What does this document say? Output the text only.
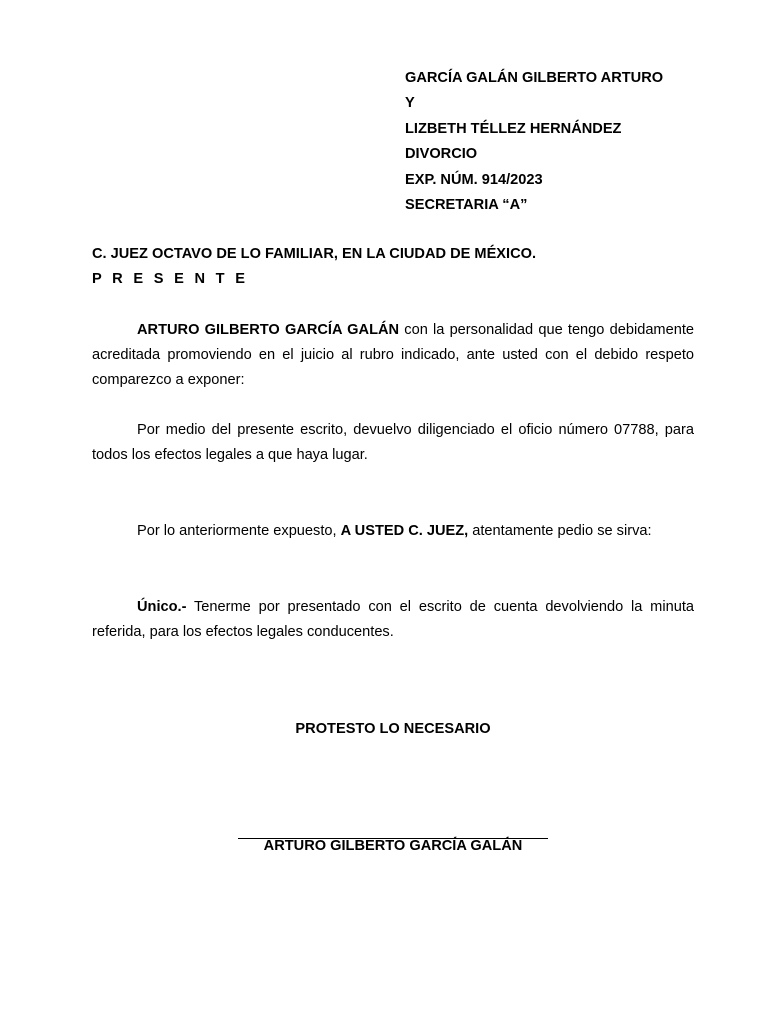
GARCÍA GALÁN GILBERTO ARTURO
Y
LIZBETH TÉLLEZ HERNÁNDEZ
DIVORCIO
EXP. NÚM. 914/2023
SECRETARIA “A”
C. JUEZ OCTAVO DE LO FAMILIAR, EN LA CIUDAD DE MÉXICO.
P R E S E N T E

ARTURO GILBERTO GARCÍA GALÁN con la personalidad que tengo debidamente acreditada promoviendo en el juicio al rubro indicado, ante usted con el debido respeto comparezco a exponer:

Por medio del presente escrito, devuelvo diligenciado el oficio número 07788, para todos los efectos legales a que haya lugar.

Por lo anteriormente expuesto, A USTED C. JUEZ, atentamente pedio se sirva:

Único.- Tenerme por presentado con el escrito de cuenta devolviendo la minuta referida, para los efectos legales conducentes.

PROTESTO LO NECESARIO
ARTURO GILBERTO GARCÍA GALÁN
